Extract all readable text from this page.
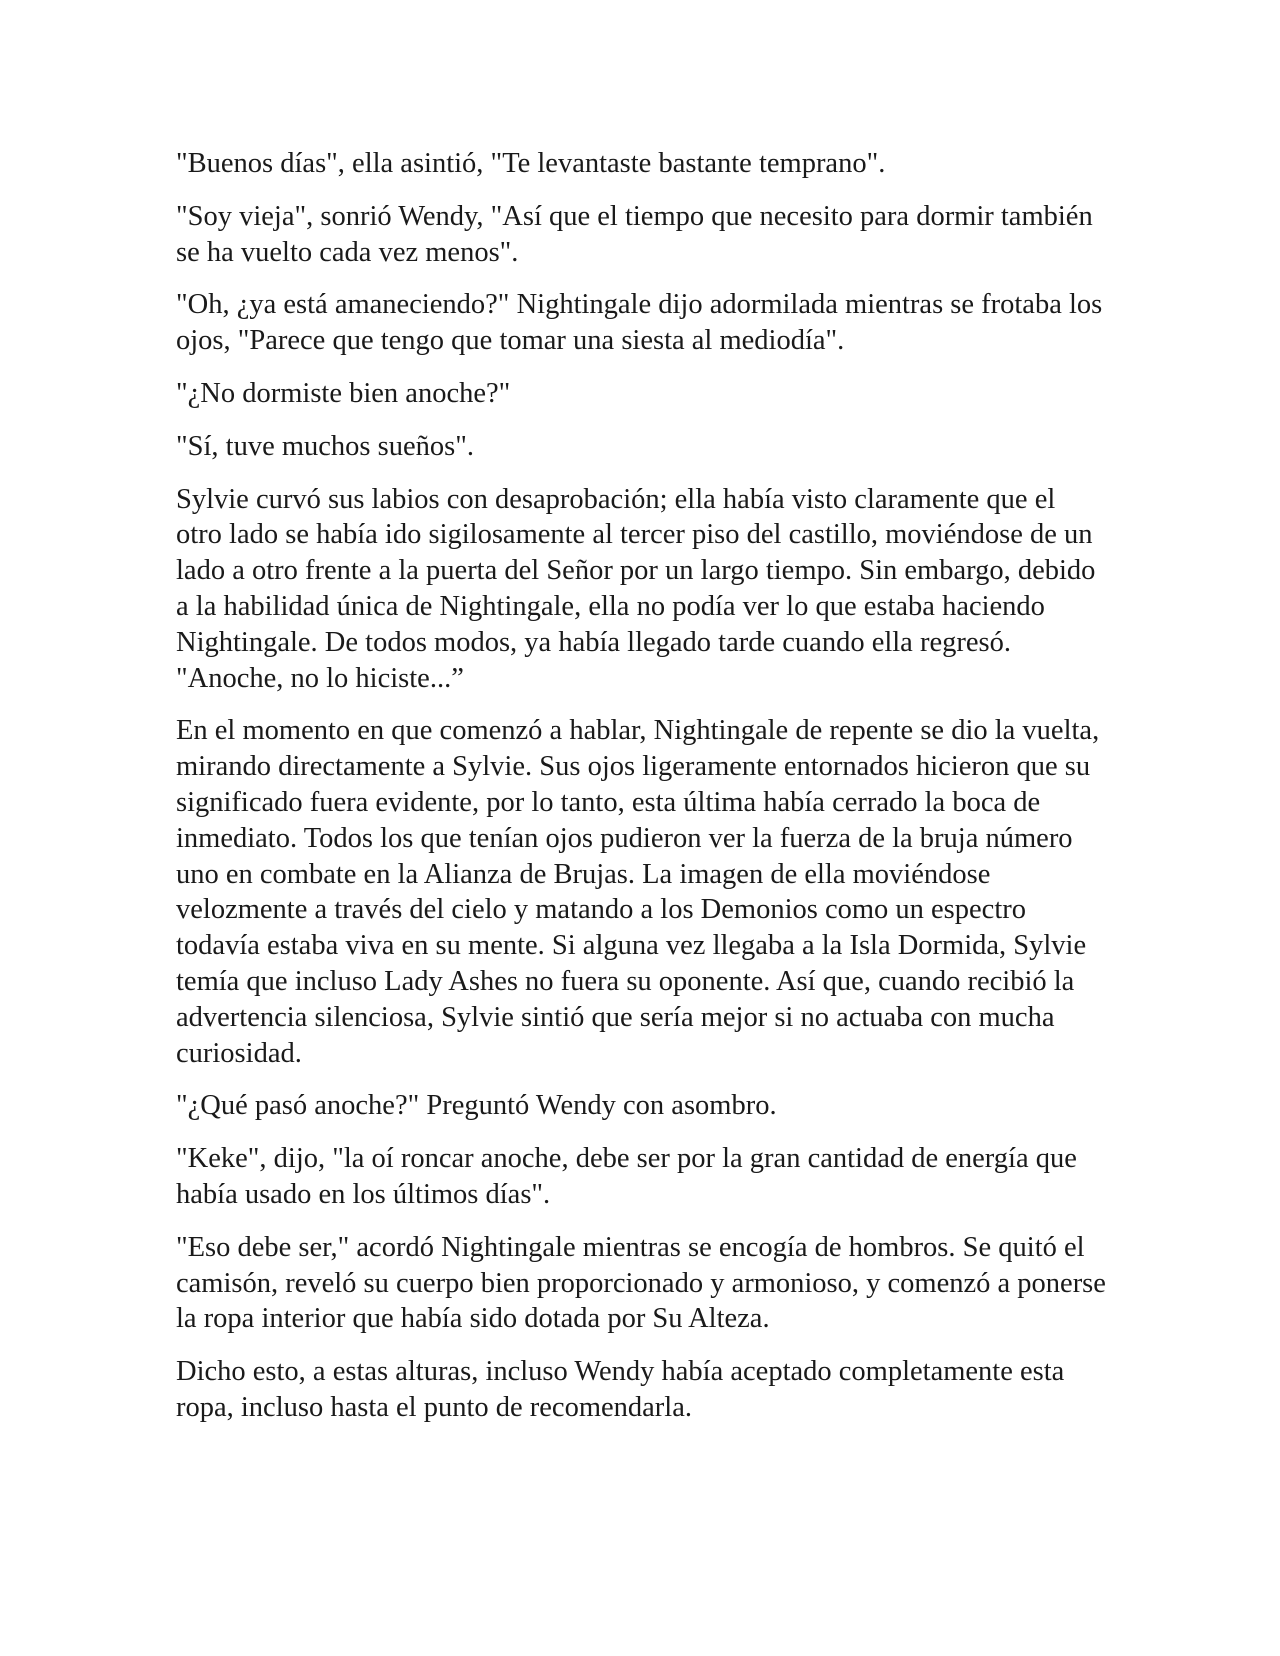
"Buenos días", ella asintió, "Te levantaste bastante temprano".

"Soy vieja", sonrió Wendy, "Así que el tiempo que necesito para dormir también se ha vuelto cada vez menos".

"Oh, ¿ya está amaneciendo?" Nightingale dijo adormilada mientras se frotaba los ojos, "Parece que tengo que tomar una siesta al mediodía".

"¿No dormiste bien anoche?"

"Sí, tuve muchos sueños".

Sylvie curvó sus labios con desaprobación; ella había visto claramente que el otro lado se había ido sigilosamente al tercer piso del castillo, moviéndose de un lado a otro frente a la puerta del Señor por un largo tiempo. Sin embargo, debido a la habilidad única de Nightingale, ella no podía ver lo que estaba haciendo Nightingale. De todos modos, ya había llegado tarde cuando ella regresó. "Anoche, no lo hiciste...”

En el momento en que comenzó a hablar, Nightingale de repente se dio la vuelta, mirando directamente a Sylvie. Sus ojos ligeramente entornados hicieron que su significado fuera evidente, por lo tanto, esta última había cerrado la boca de inmediato. Todos los que tenían ojos pudieron ver la fuerza de la bruja número uno en combate en la Alianza de Brujas. La imagen de ella moviéndose velozmente a través del cielo y matando a los Demonios como un espectro todavía estaba viva en su mente. Si alguna vez llegaba a la Isla Dormida, Sylvie temía que incluso Lady Ashes no fuera su oponente. Así que, cuando recibió la advertencia silenciosa, Sylvie sintió que sería mejor si no actuaba con mucha curiosidad.

"¿Qué pasó anoche?" Preguntó Wendy con asombro.

"Keke", dijo, "la oí roncar anoche, debe ser por la gran cantidad de energía que había usado en los últimos días".

"Eso debe ser," acordó Nightingale mientras se encogía de hombros. Se quitó el camisón, reveló su cuerpo bien proporcionado y armonioso, y comenzó a ponerse la ropa interior que había sido dotada por Su Alteza.

Dicho esto, a estas alturas, incluso Wendy había aceptado completamente esta ropa, incluso hasta el punto de recomendarla.
